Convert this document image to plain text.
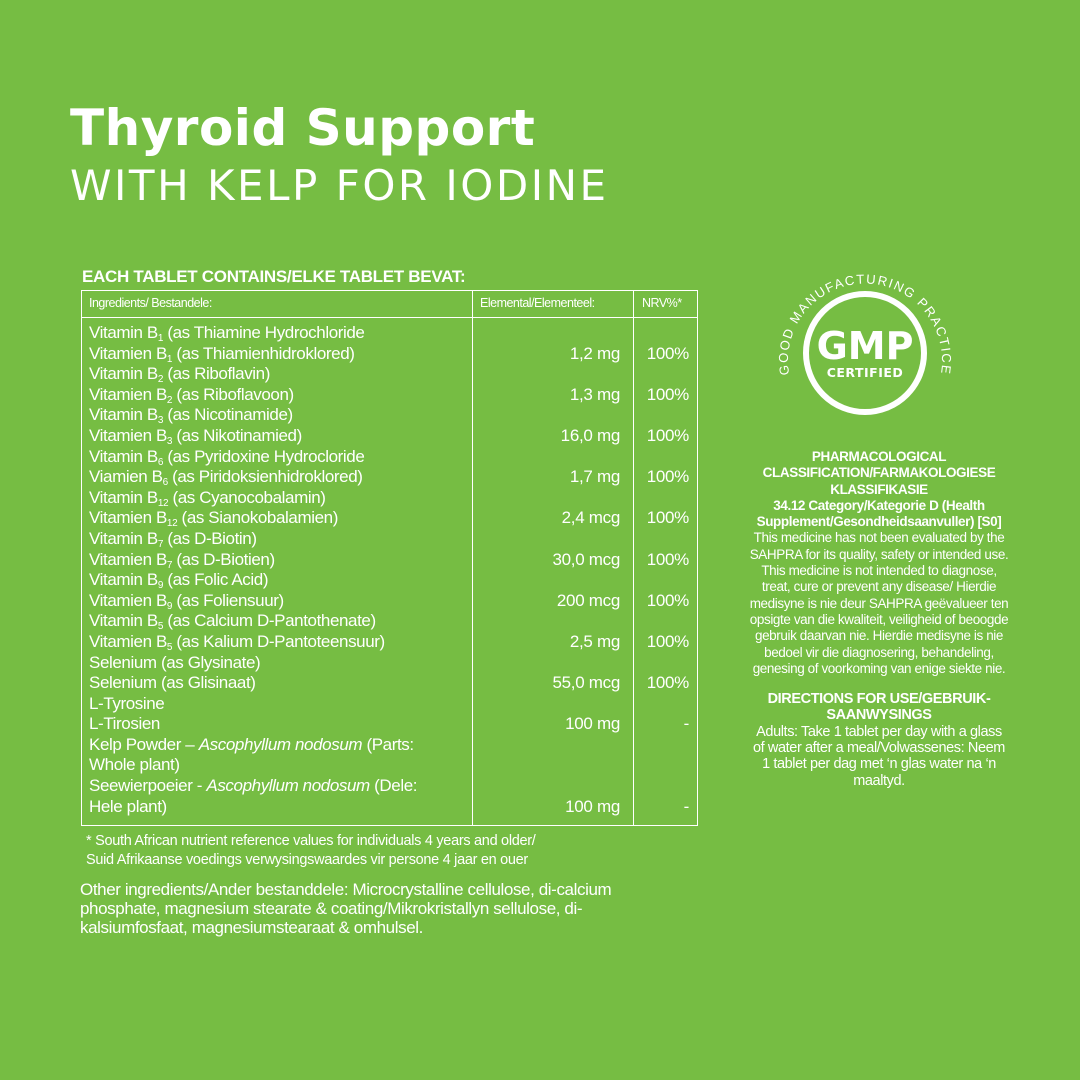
Thyroid Support
WITH KELP FOR IODINE
EACH TABLET CONTAINS/ELKE TABLET BEVAT:
Ingredients/ Bestandele:	Elemental/Elementeel:	NRV%*
Vitamin $B_1$ (as Thiamine Hydrochloride
Vitamien $B_1$ (as Thiamienhidroklored)	1,2 mg 100%
Vitamin $B_2$ (as Riboflavin)
Vitamien $B_2$ (as Riboflavoon)	1,3 mg 100%
Vitamin $B_3$ (as Nicotinamide)
Vitamien $B_3$ (as Nikotinamied)	16,0 mg 100%
Vitamin $B_6$ (as Pyridoxine Hydrocloride
Viamien $B_6$ (as Piridoksienhidroklored)	1,7 mg 100%
Vitamin $B_{12}$ (as Cyanocobalamin)
Vitamien $B_{12}$ (as Sianokobalamien)	2,4 mcg 100%
Vitamin $B_7$ (as D-Biotin)
Vitamien $B_7$ (as D-Biotien)	30,0 mcg 100%
Vitamin $B_9$ (as Folic Acid)
Vitamien $B_9$ (as Foliensuur)	200 mcg 100%
Vitamin $B_5$ (as Calcium D-Pantothenate)
Vitamien $B_5$ (as Kalium D-Pantoteensuur)	2,5 mg 100%
Selenium (as Glysinate)
Selenium (as Glisinaat)	55,0 mcg 100%
L-Tyrosine
L-Tirosien	100 mg	-
Kelp Powder – Ascophyllum nodosum (Parts:
Whole plant)
Seewierpoeier - Ascophyllum nodosum (Dele:
Hele plant)	100 mg	-
* South African nutrient reference values for individuals 4 years and older/
Suid Afrikaanse voedings verwysingswaardes vir persone 4 jaar en ouer
Other ingredients/Ander bestanddele: Microcrystalline cellulose, di-calcium phosphate, magnesium stearate & coating/Mikrokristallyn sellulose, di-kalsiumfosfaat, magnesiumstearaat & omhulsel.
GOOD MANUFACTURING PRACTICE
GMP
CERTIFIED
PHARMACOLOGICAL
CLASSIFICATION/FARMAKOLOGIESE
KLASSIFIKASIE
34.12 Category/Kategorie D (Health
Supplement/Gesondheidsaanvuller) [S0]
This medicine has not been evaluated by the
SAHPRA for its quality, safety or intended use.
This medicine is not intended to diagnose,
treat, cure or prevent any disease/ Hierdie
medisyne is nie deur SAHPRA geëvalueer ten
opsigte van die kwaliteit, veiligheid of beoogde
gebruik daarvan nie. Hierdie medisyne is nie
bedoel vir die diagnosering, behandeling,
genesing of voorkoming van enige siekte nie.
DIRECTIONS FOR USE/GEBRUIK-
SAANWYSINGS
Adults: Take 1 tablet per day with a glass
of water after a meal/Volwassenes: Neem
1 tablet per dag met ‘n glas water na ‘n
maaltyd.
